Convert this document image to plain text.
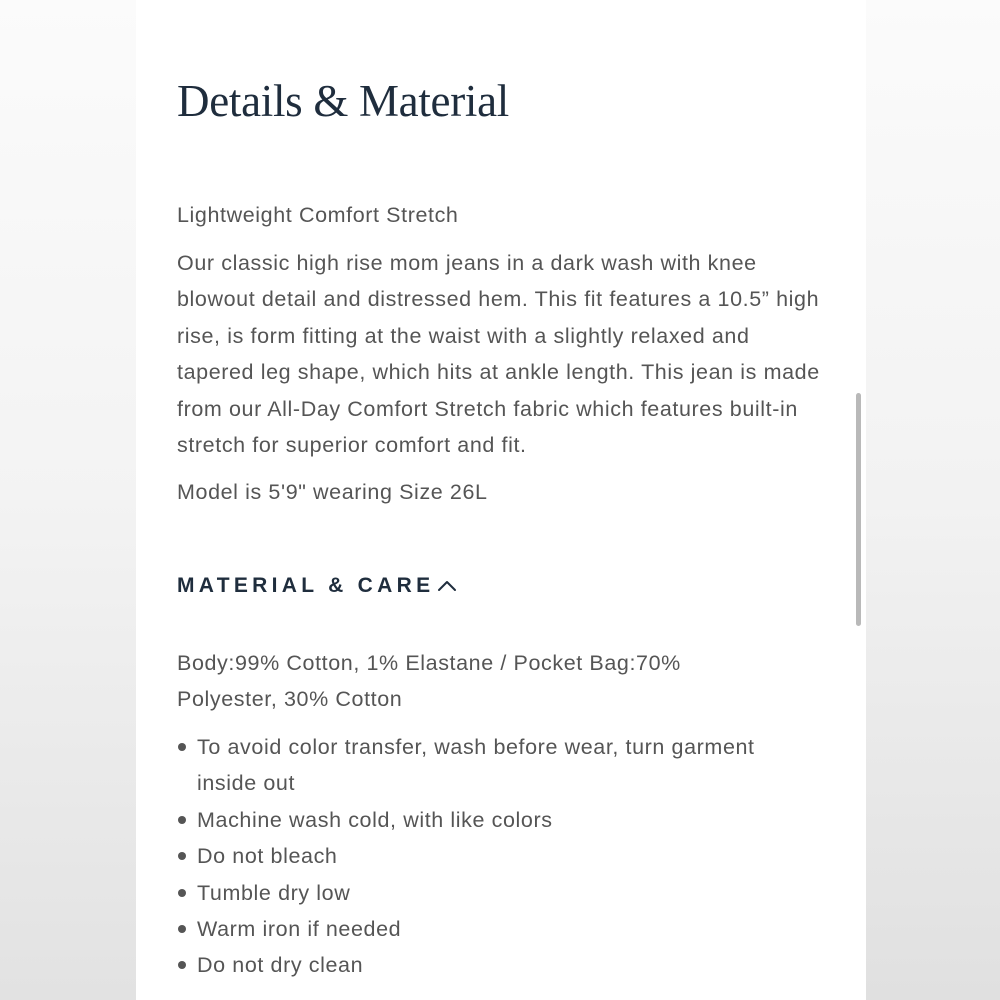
Details & Material

Lightweight Comfort Stretch

Our classic high rise mom jeans in a dark wash with knee blowout detail and distressed hem. This fit features a 10.5” high rise, is form fitting at the waist with a slightly relaxed and tapered leg shape, which hits at ankle length. This jean is made from our All-Day Comfort Stretch fabric which features built-in stretch for superior comfort and fit.

Model is 5'9" wearing Size 26L

MATERIAL & CARE

Body:99% Cotton, 1% Elastane / Pocket Bag:70% Polyester, 30% Cotton

To avoid color transfer, wash before wear, turn garment inside out
Machine wash cold, with like colors
Do not bleach
Tumble dry low
Warm iron if needed
Do not dry clean
